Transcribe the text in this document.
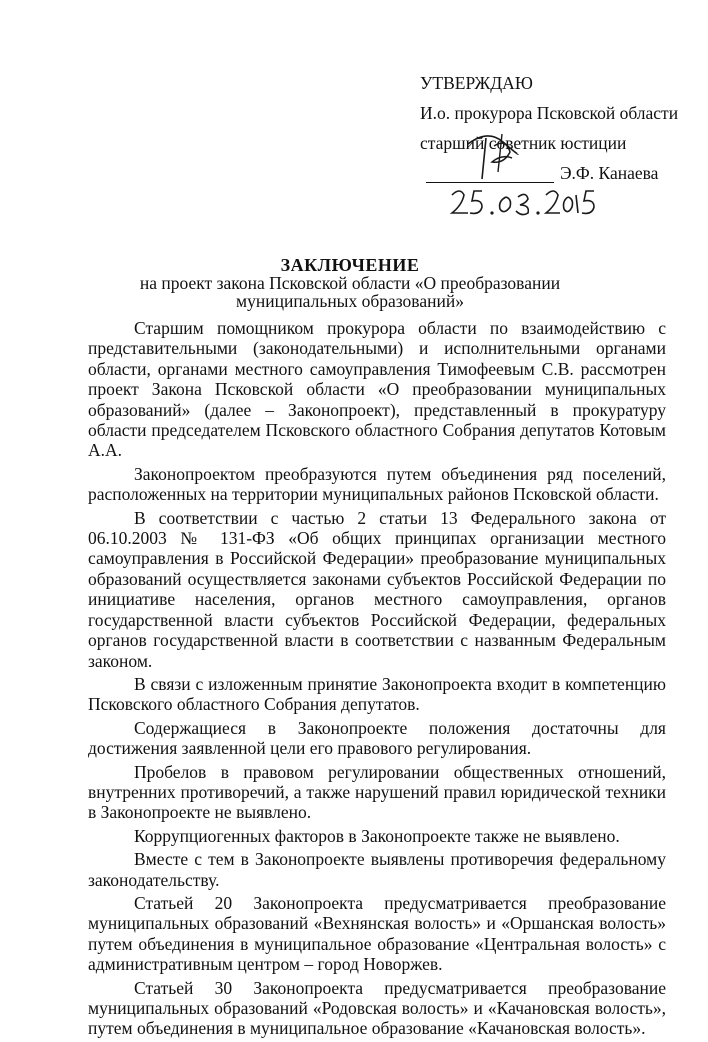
УТВЕРЖДАЮ
И.о. прокурора Псковской области
старший советник юстиции
Э.Ф. Канаева
ЗАКЛЮЧЕНИЕ
на проект закона Псковской области «О преобразовании муниципальных образований»

Старшим помощником прокурора области по взаимодействию с представительными (законодательными) и исполнительными органами области, органами местного самоуправления Тимофеевым С.В. рассмотрен проект Закона Псковской области «О преобразовании муниципальных образований» (далее – Законопроект), представленный в прокуратуру области председателем Псковского областного Собрания депутатов Котовым А.А.

Законопроектом преобразуются путем объединения ряд поселений, расположенных на территории муниципальных районов Псковской области.

В соответствии с частью 2 статьи 13 Федерального закона от 06.10.2003 № 131-ФЗ «Об общих принципах организации местного самоуправления в Российской Федерации» преобразование муниципальных образований осуществляется законами субъектов Российской Федерации по инициативе населения, органов местного самоуправления, органов государственной власти субъектов Российской Федерации, федеральных органов государственной власти в соответствии с названным Федеральным законом.

В связи с изложенным принятие Законопроекта входит в компетенцию Псковского областного Собрания депутатов.

Содержащиеся в Законопроекте положения достаточны для достижения заявленной цели его правового регулирования.

Пробелов в правовом регулировании общественных отношений, внутренних противоречий, а также нарушений правил юридической техники в Законопроекте не выявлено.

Коррупциогенных факторов в Законопроекте также не выявлено.

Вместе с тем в Законопроекте выявлены противоречия федеральному законодательству.

Статьей 20 Законопроекта предусматривается преобразование муниципальных образований «Вехнянская волость» и «Оршанская волость» путем объединения в муниципальное образование «Центральная волость» с административным центром – город Новоржев.

Статьей 30 Законопроекта предусматривается преобразование муниципальных образований «Родовская волость» и «Качановская волость», путем объединения в муниципальное образование «Качановская волость».
